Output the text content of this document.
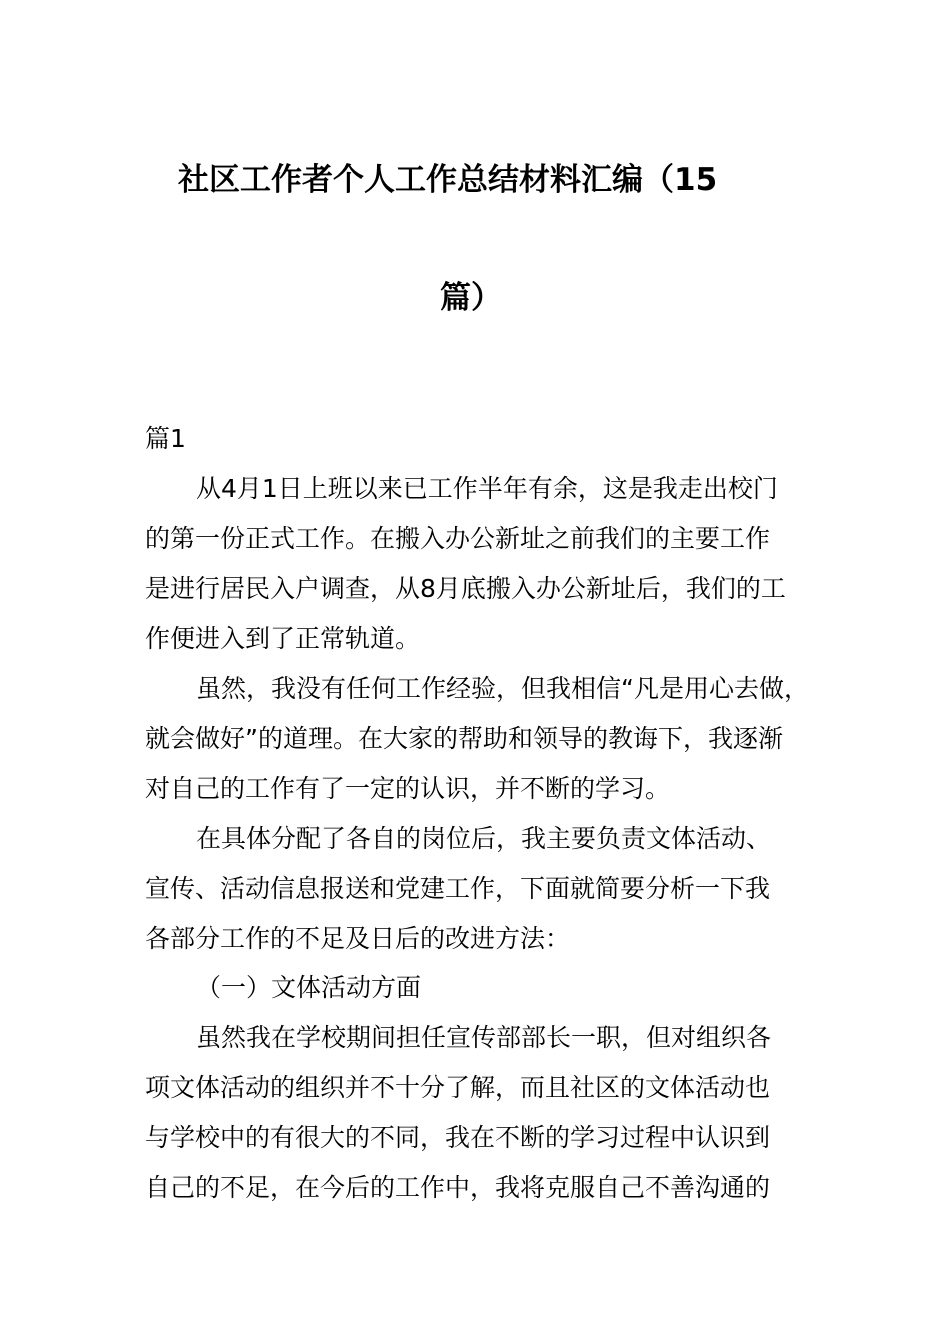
社区工作者个人工作总结材料汇编（15
篇）
篇1
从4月1日上班以来已工作半年有余，这是我走出校门
的第一份正式工作。在搬入办公新址之前我们的主要工作
是进行居民入户调查，从8月底搬入办公新址后，我们的工
作便进入到了正常轨道。
虽然，我没有任何工作经验，但我相信“凡是用心去做，
就会做好”的道理。在大家的帮助和领导的教诲下，我逐渐
对自己的工作有了一定的认识，并不断的学习。
在具体分配了各自的岗位后，我主要负责文体活动、
宣传、活动信息报送和党建工作，下面就简要分析一下我
各部分工作的不足及日后的改进方法：
（一）文体活动方面
虽然我在学校期间担任宣传部部长一职，但对组织各
项文体活动的组织并不十分了解，而且社区的文体活动也
与学校中的有很大的不同，我在不断的学习过程中认识到
自己的不足，在今后的工作中，我将克服自己不善沟通的
